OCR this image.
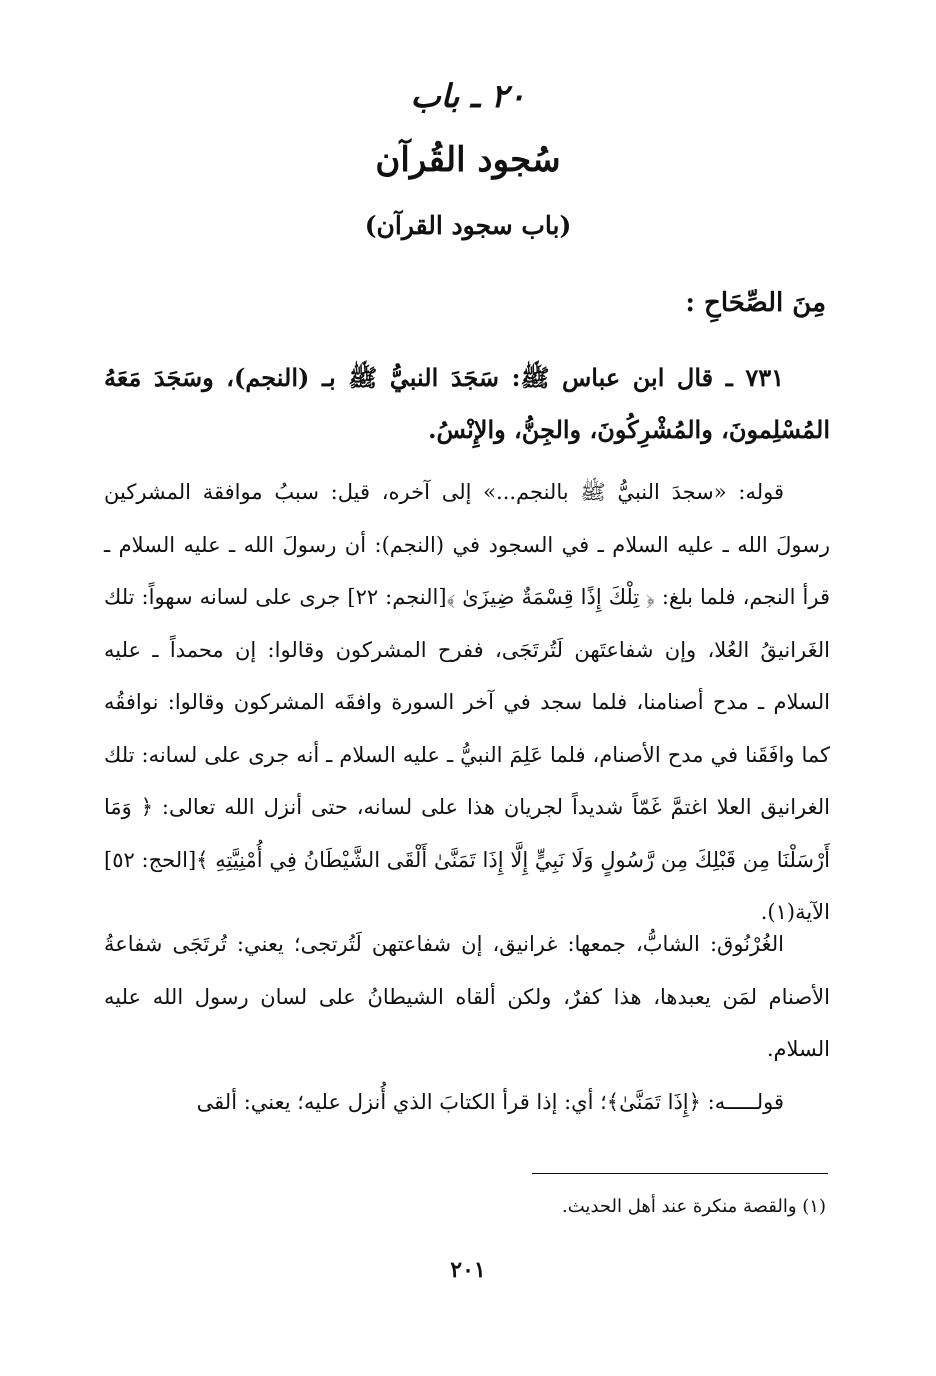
٢٠ ـ باب
سُجود القُرآن
(باب سجود القرآن)
مِنَ الصِّحَاحِ :

٧٣١ ـ قال ابن عباس ﷺ: سَجَدَ النبيُّ ﷺ بـ (النجم)، وسَجَدَ مَعَهُ المُسْلِمونَ، والمُشْرِكُونَ، والجِنُّ، والإِنْسُ.

قوله: «سجدَ النبيُّ ﷺ بالنجم...» إلى آخره، قيل: سببُ موافقة المشركين رسولَ الله ـ عليه السلام ـ في السجود في (النجم): أن رسولَ الله ـ عليه السلام ـ قرأ النجم، فلما بلغ: ﴿ تِلْكَ إِذًا قِسْمَةٌ ضِيزَىٰ ﴾[النجم: ٢٢] جرى على لسانه سهواً: تلك الغَرانيقُ العُلا، وإن شفاعتَهن لَتُرتَجَى، ففرح المشركون وقالوا: إن محمداً ـ عليه السلام ـ مدح أصنامنا، فلما سجد في آخر السورة وافقَه المشركون وقالوا: نوافقُه كما وافَقَنا في مدح الأصنام، فلما عَلِمَ النبيُّ ـ عليه السلام ـ أنه جرى على لسانه: تلك الغرانيق العلا اغتمَّ غَمّاً شديداً لجريان هذا على لسانه، حتى أنزل الله تعالى: ﴿ وَمَا أَرْسَلْنَا مِن قَبْلِكَ مِن رَّسُولٍ وَلَا نَبِيٍّ إِلَّا إِذَا تَمَنَّىٰ أَلْقَى الشَّيْطَانُ فِي أُمْنِيَّتِهِ ﴾[الحج: ٥٢] الآية(١).

الغُرْنُوق: الشابُّ، جمعها: غرانيق، إن شفاعتهن لَتُرتجى؛ يعني: تُرتَجَى شفاعةُ الأصنام لمَن يعبدها، هذا كفرٌ، ولكن ألقاه الشيطانُ على لسان رسول الله عليه السلام.

قولـــــه: ﴿إِذَا تَمَنَّىٰ﴾؛ أي: إذا قرأ الكتابَ الذي أُنزل عليه؛ يعني: ألقى

(١) والقصة منكرة عند أهل الحديث.
٢٠١
